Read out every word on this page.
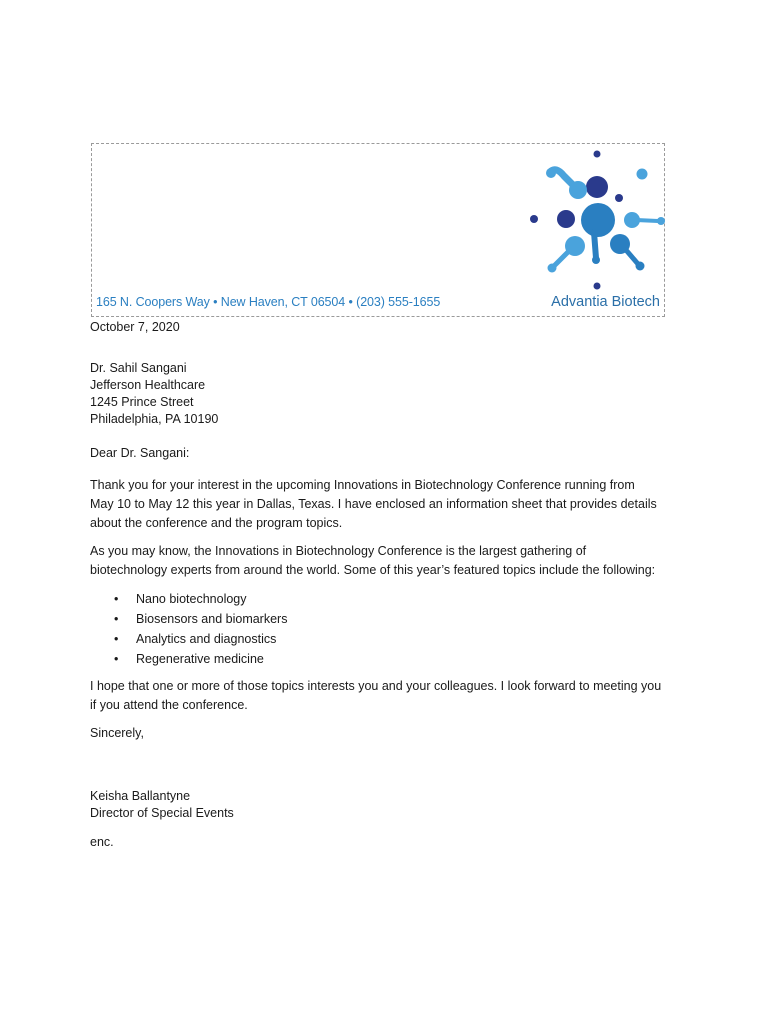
165 N. Coopers Way • New Haven, CT 06504 • (203) 555-1655	Advantia Biotech
October 7, 2020
Dr. Sahil Sangani
Jefferson Healthcare
1245 Prince Street
Philadelphia, PA 10190
Dear Dr. Sangani:
Thank you for your interest in the upcoming Innovations in Biotechnology Conference running from
May 10 to May 12 this year in Dallas, Texas. I have enclosed an information sheet that provides details
about the conference and the program topics.
As you may know, the Innovations in Biotechnology Conference is the largest gathering of
biotechnology experts from around the world. Some of this year’s featured topics include the following:
• Nano biotechnology
• Biosensors and biomarkers
• Analytics and diagnostics
• Regenerative medicine
I hope that one or more of those topics interests you and your colleagues. I look forward to meeting you
if you attend the conference.
Sincerely,
Keisha Ballantyne
Director of Special Events
enc.
